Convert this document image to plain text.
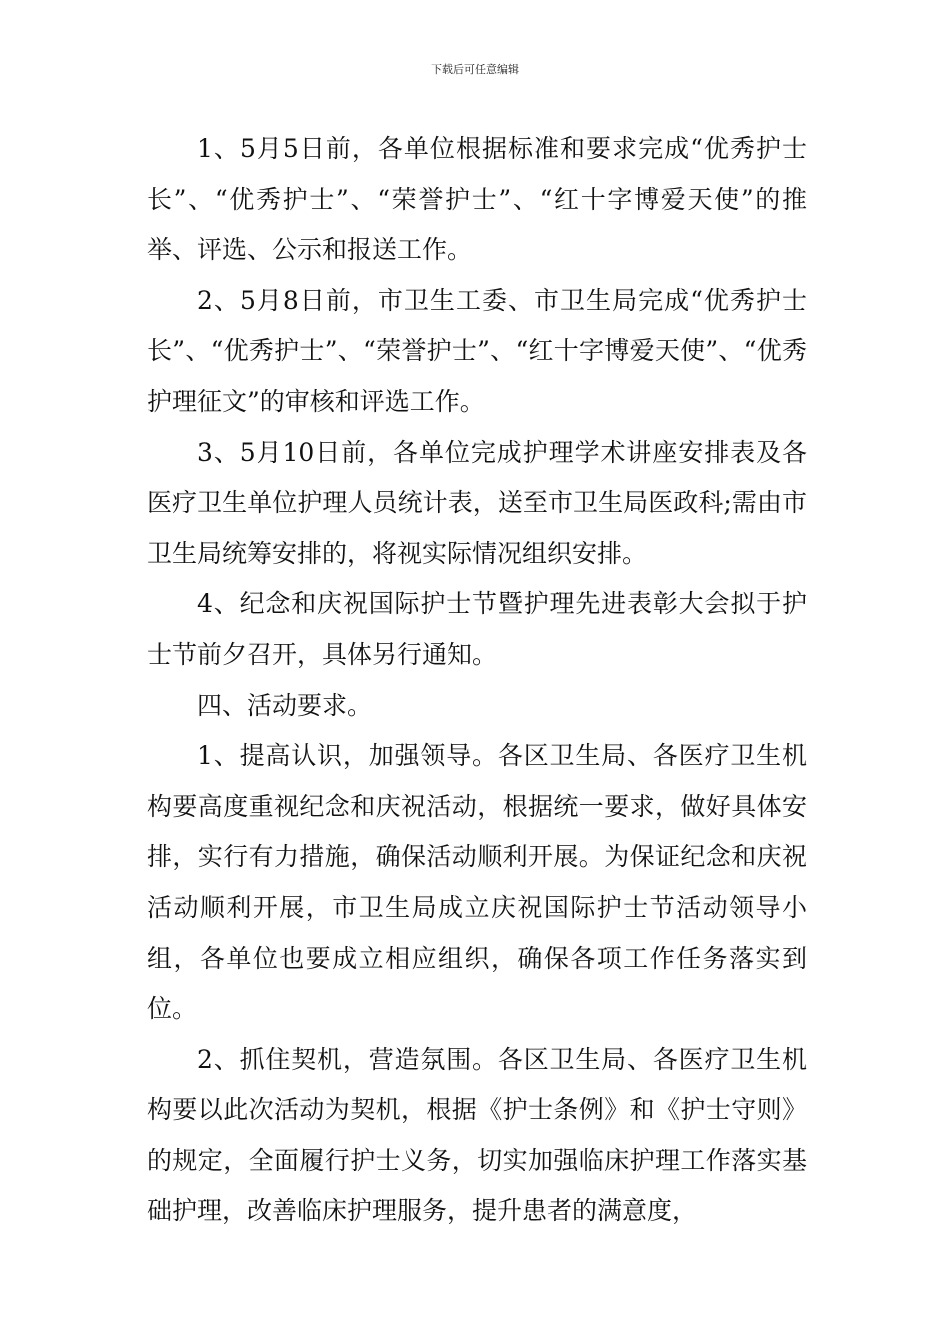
下载后可任意编辑

1、5月5日前，各单位根据标准和要求完成“优秀护士长”、“优秀护士”、“荣誉护士”、“红十字博爱天使”的推举、评选、公示和报送工作。

2、5月8日前，市卫生工委、市卫生局完成“优秀护士长”、“优秀护士”、“荣誉护士”、“红十字博爱天使”、“优秀护理征文”的审核和评选工作。

3、5月10日前，各单位完成护理学术讲座安排表及各医疗卫生单位护理人员统计表，送至市卫生局医政科;需由市卫生局统筹安排的，将视实际情况组织安排。

4、纪念和庆祝国际护士节暨护理先进表彰大会拟于护士节前夕召开，具体另行通知。

四、活动要求。

1、提高认识，加强领导。各区卫生局、各医疗卫生机构要高度重视纪念和庆祝活动，根据统一要求，做好具体安排，实行有力措施，确保活动顺利开展。为保证纪念和庆祝活动顺利开展，市卫生局成立庆祝国际护士节活动领导小组，各单位也要成立相应组织，确保各项工作任务落实到位。

2、抓住契机，营造氛围。各区卫生局、各医疗卫生机构要以此次活动为契机，根据《护士条例》和《护士守则》的规定，全面履行护士义务，切实加强临床护理工作落实基础护理，改善临床护理服务，提升患者的满意度，
